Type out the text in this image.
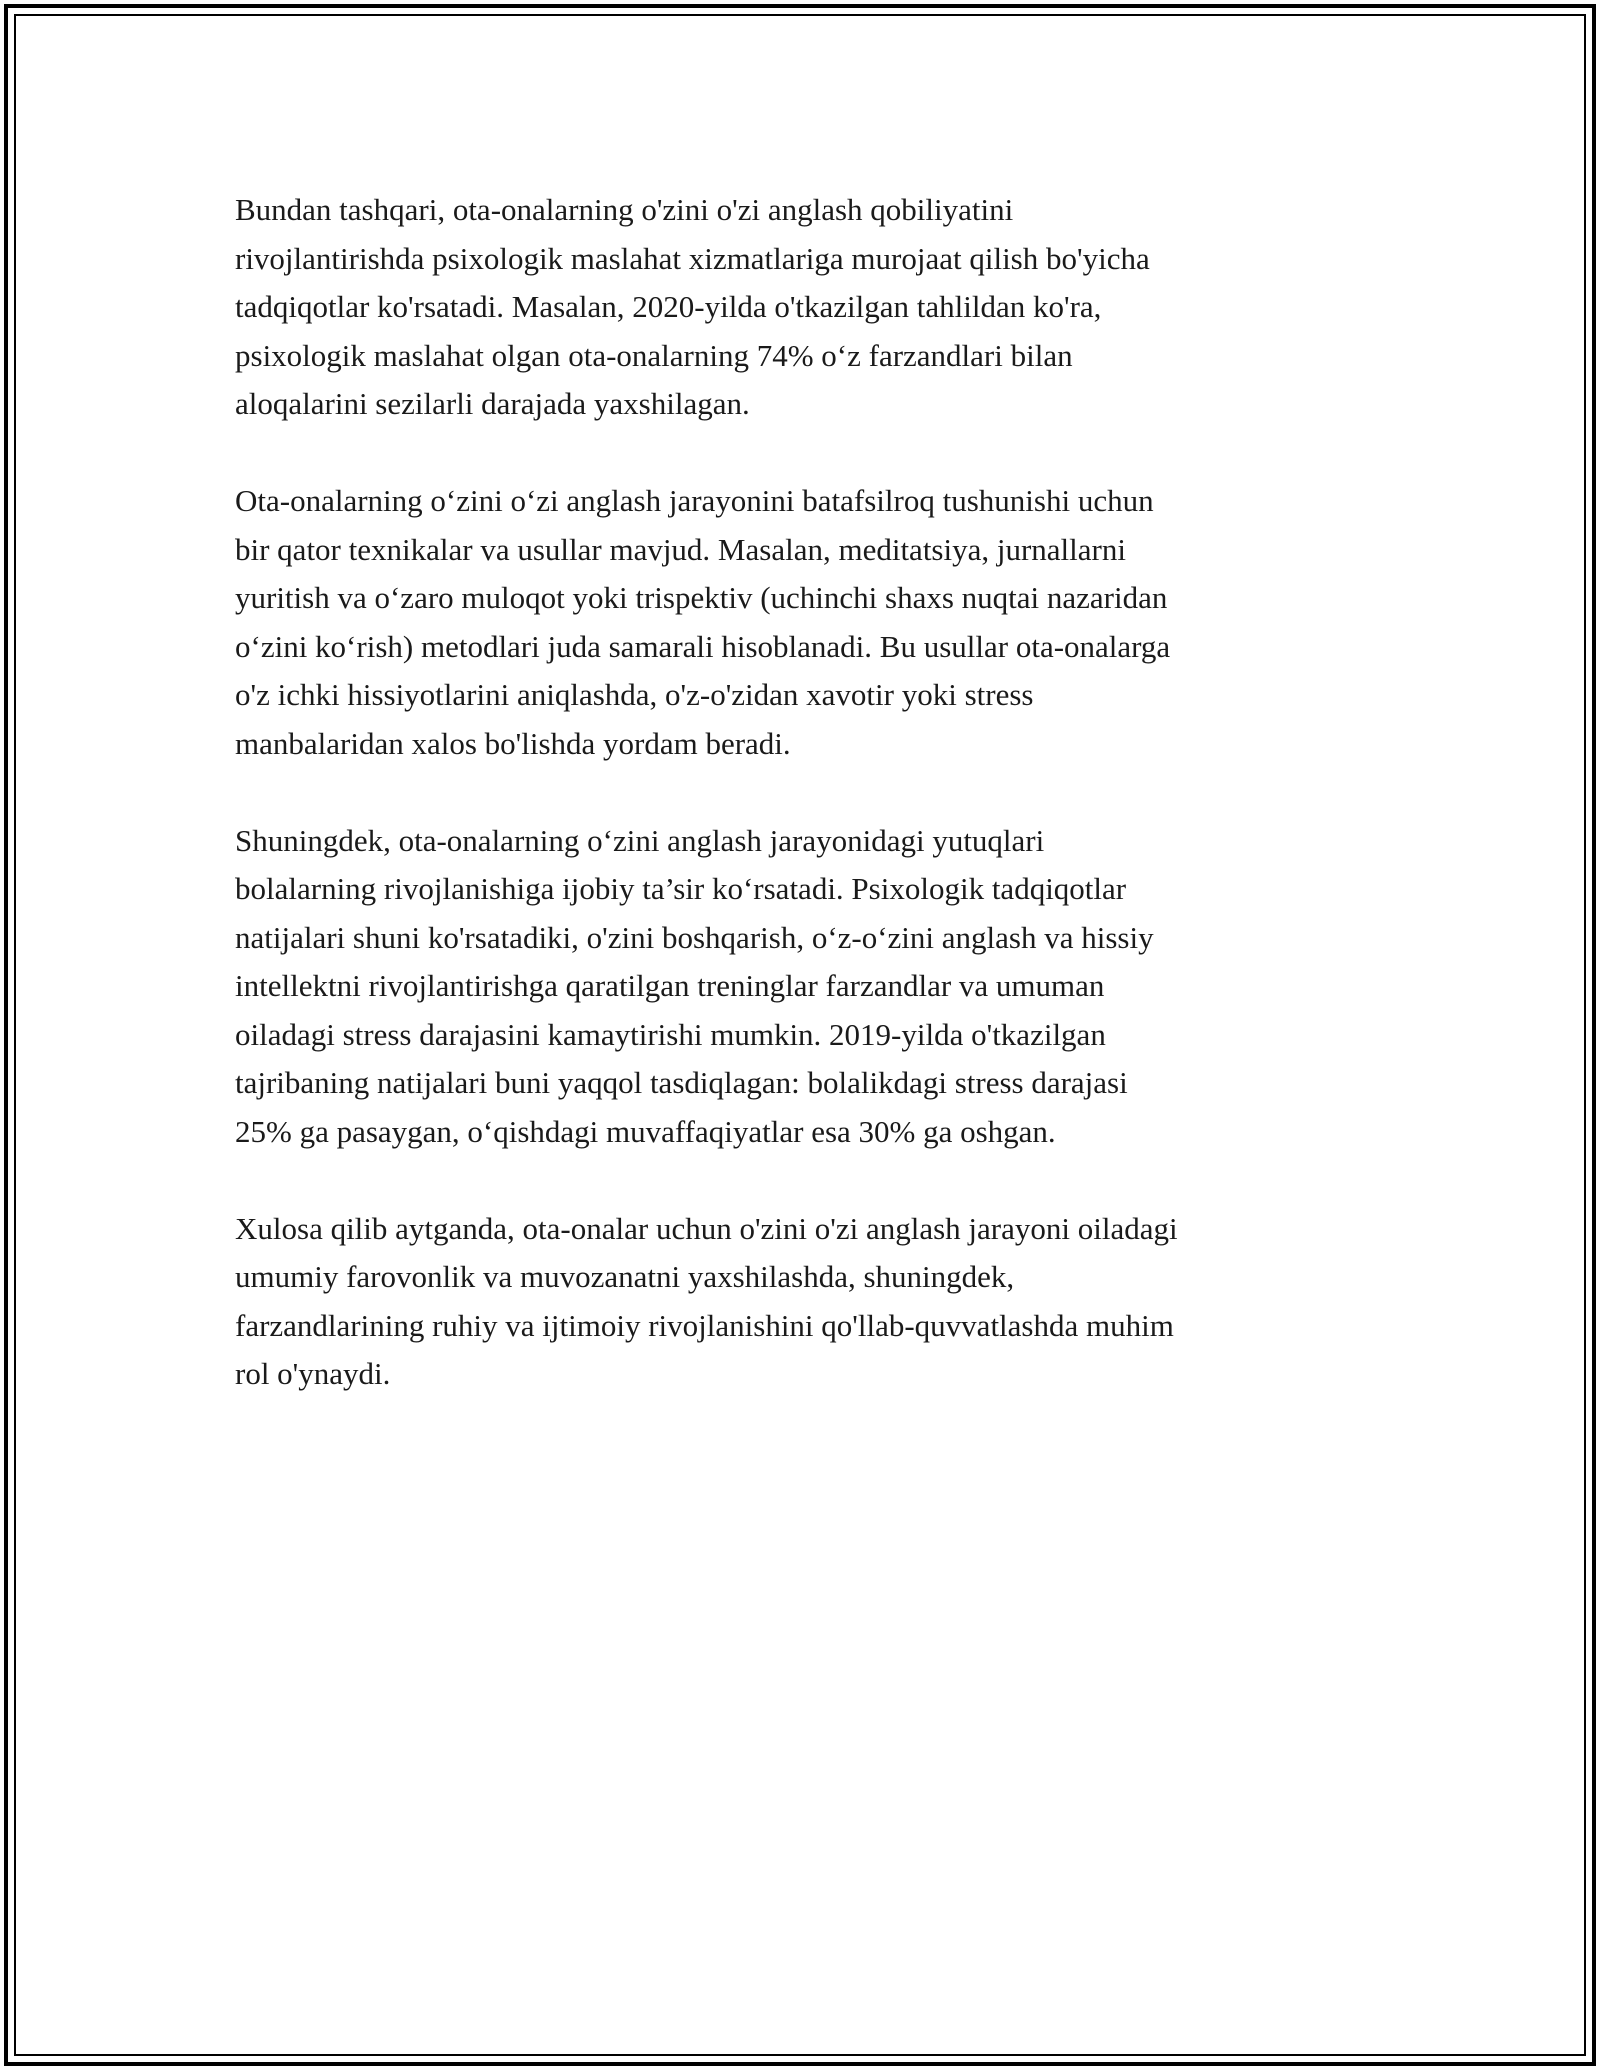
Bundan tashqari, ota-onalarning o'zini o'zi anglash qobiliyatini
rivojlantirishda psixologik maslahat xizmatlariga murojaat qilish bo'yicha
tadqiqotlar ko'rsatadi. Masalan, 2020-yilda o'tkazilgan tahlildan ko'ra,
psixologik maslahat olgan ota-onalarning 74% o‘z farzandlari bilan
aloqalarini sezilarli darajada yaxshilagan.

Ota-onalarning o‘zini o‘zi anglash jarayonini batafsilroq tushunishi uchun
bir qator texnikalar va usullar mavjud. Masalan, meditatsiya, jurnallarni
yuritish va o‘zaro muloqot yoki trispektiv (uchinchi shaxs nuqtai nazaridan
o‘zini ko‘rish) metodlari juda samarali hisoblanadi. Bu usullar ota-onalarga
o'z ichki hissiyotlarini aniqlashda, o'z-o'zidan xavotir yoki stress
manbalaridan xalos bo'lishda yordam beradi.

Shuningdek, ota-onalarning o‘zini anglash jarayonidagi yutuqlari
bolalarning rivojlanishiga ijobiy ta’sir ko‘rsatadi. Psixologik tadqiqotlar
natijalari shuni ko'rsatadiki, o'zini boshqarish, o‘z-o‘zini anglash va hissiy
intellektni rivojlantirishga qaratilgan treninglar farzandlar va umuman
oiladagi stress darajasini kamaytirishi mumkin. 2019-yilda o'tkazilgan
tajribaning natijalari buni yaqqol tasdiqlagan: bolalikdagi stress darajasi
25% ga pasaygan, o‘qishdagi muvaffaqiyatlar esa 30% ga oshgan.

Xulosa qilib aytganda, ota-onalar uchun o'zini o'zi anglash jarayoni oiladagi
umumiy farovonlik va muvozanatni yaxshilashda, shuningdek,
farzandlarining ruhiy va ijtimoiy rivojlanishini qo'llab-quvvatlashda muhim
rol o'ynaydi.
